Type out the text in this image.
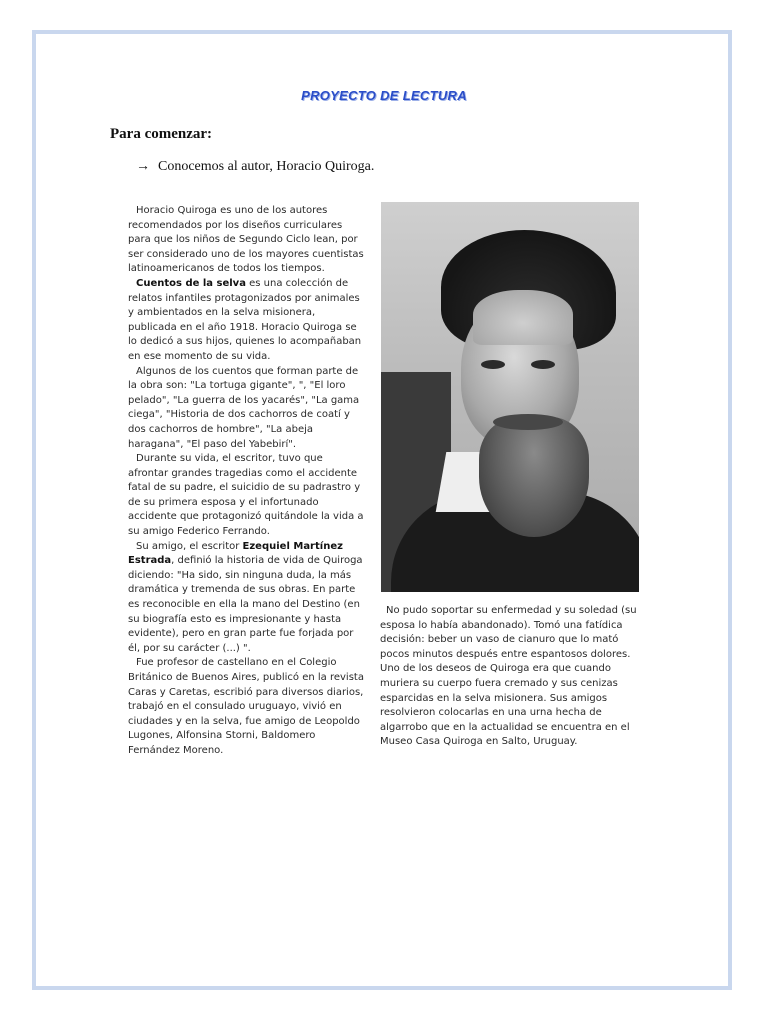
PROYECTO DE LECTURA
Para comenzar:
→ Conocemos al autor, Horacio Quiroga.

Horacio Quiroga es uno de los autores recomendados por los diseños curriculares para que los niños de Segundo Ciclo lean, por ser considerado uno de los mayores cuentistas latinoamericanos de todos los tiempos.

Cuentos de la selva es una colección de relatos infantiles protagonizados por animales y ambientados en la selva misionera, publicada en el año 1918. Horacio Quiroga se lo dedicó a sus hijos, quienes lo acompañaban en ese momento de su vida.

Algunos de los cuentos que forman parte de la obra son: "La tortuga gigante", ", "El loro pelado", "La guerra de los yacarés", "La gama ciega", "Historia de dos cachorros de coatí y dos cachorros de hombre", "La abeja haragana", "El paso del Yabebirí".

Durante su vida, el escritor, tuvo que afrontar grandes tragedias como el accidente fatal de su padre, el suicidio de su padrastro y de su primera esposa y el infortunado accidente que protagonizó quitándole la vida a su amigo Federico Ferrando.

Su amigo, el escritor Ezequiel Martínez Estrada, definió la historia de vida de Quiroga diciendo: "Ha sido, sin ninguna duda, la más dramática y tremenda de sus obras. En parte es reconocible en ella la mano del Destino (en su biografía esto es impresionante y hasta evidente), pero en gran parte fue forjada por él, por su carácter (...) ".

Fue profesor de castellano en el Colegio Británico de Buenos Aires, publicó en la revista Caras y Caretas, escribió para diversos diarios, trabajó en el consulado uruguayo, vivió en ciudades y en la selva, fue amigo de Leopoldo Lugones, Alfonsina Storni, Baldomero Fernández Moreno.

No pudo soportar su enfermedad y su soledad (su esposa lo había abandonado). Tomó una fatídica decisión: beber un vaso de cianuro que lo mató pocos minutos después entre espantosos dolores. Uno de los deseos de Quiroga era que cuando muriera su cuerpo fuera cremado y sus cenizas esparcidas en la selva misionera. Sus amigos resolvieron colocarlas en una urna hecha de algarrobo que en la actualidad se encuentra en el Museo Casa Quiroga en Salto, Uruguay.
